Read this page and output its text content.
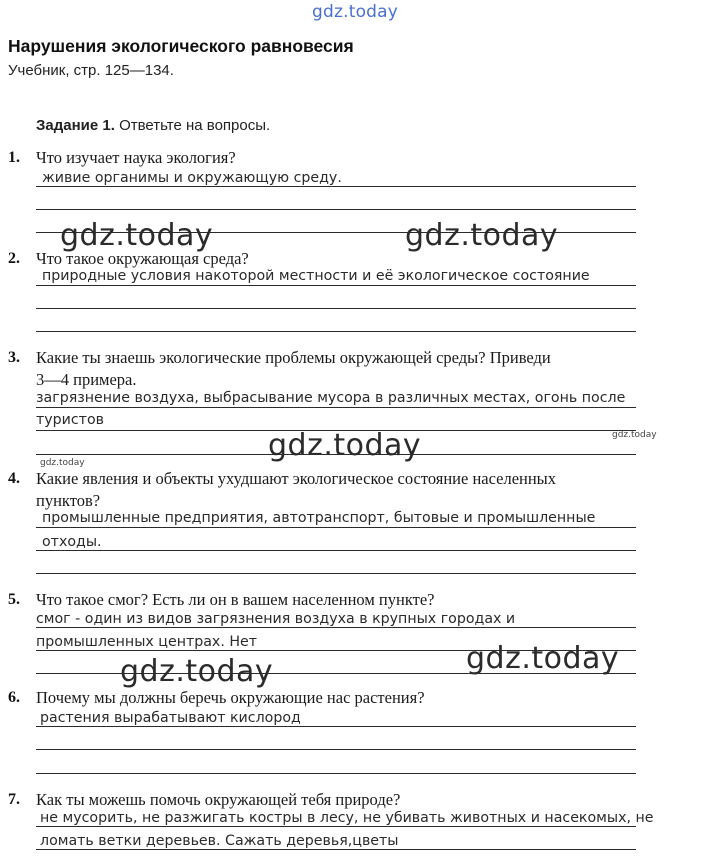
gdz.today
Нарушения экологического равновесия
Учебник, стр. 125—134.
Задание 1. Ответьте на вопросы.
1. Что изучает наука экология?
живие органимы и окружающую среду.
2. Что такое окружающая среда?
природные условия накоторой местности и её экологическое состояние
3. Какие ты знаешь экологические проблемы окружающей среды? Приведи
3—4 примера.
загрязнение воздуха, выбрасывание мусора в различных местах, огонь после
туристов
4. Какие явления и объекты ухудшают экологическое состояние населенных
пунктов?
промышленные предприятия, автотранспорт, бытовые и промышленные
отходы.
5. Что такое смог? Есть ли он в вашем населенном пункте?
смог - один из видов загрязнения воздуха в крупных городах и
промышленных центрах. Нет
6. Почему мы должны беречь окружающие нас растения?
растения вырабатывают кислород
7. Как ты можешь помочь окружающей тебя природе?
не мусорить, не разжигать костры в лесу, не убивать животных и насекомых, не
ломать ветки деревьев. Сажать деревья,цветы
gdz.today	gdz.today
gdz.today	gdz.today
gdz.today
gdz.today
gdz.today
